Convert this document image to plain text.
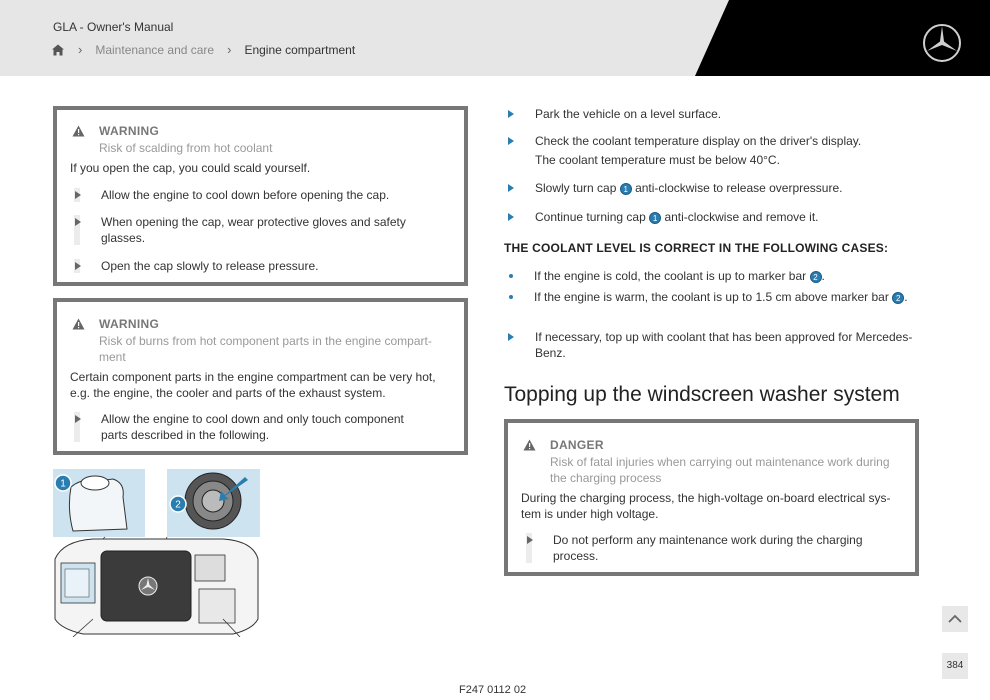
GLA - Owner's Manual
› Maintenance and care › Engine compartment
WARNING
Risk of scalding from hot coolant
If you open the cap, you could scald yourself.
Allow the engine to cool down before opening the cap.
When opening the cap, wear protective gloves and safety
glasses.
Open the cap slowly to release pressure.
WARNING
Risk of burns from hot component parts in the engine compart-
ment
Certain component parts in the engine compartment can be very hot,
e.g. the engine, the cooler and parts of the exhaust system.
Allow the engine to cool down and only touch component
parts described in the following.
1
2
Park the vehicle on a level surface.
Check the coolant temperature display on the driver's display.
The coolant temperature must be below 40°C.
Slowly turn cap 1 anti-clockwise to release overpressure.
Continue turning cap 1 anti-clockwise and remove it.
THE COOLANT LEVEL IS CORRECT IN THE FOLLOWING CASES:
If the engine is cold, the coolant is up to marker bar 2 .
If the engine is warm, the coolant is up to 1.5 cm above marker bar 2 .
If necessary, top up with coolant that has been approved for Mercedes-
Benz.
Topping up the windscreen washer system
DANGER
Risk of fatal injuries when carrying out maintenance work during
the charging process
During the charging process, the high-voltage on-board electrical sys-
tem is under high voltage.
Do not perform any maintenance work during the charging
process.
384
F247 0112 02
